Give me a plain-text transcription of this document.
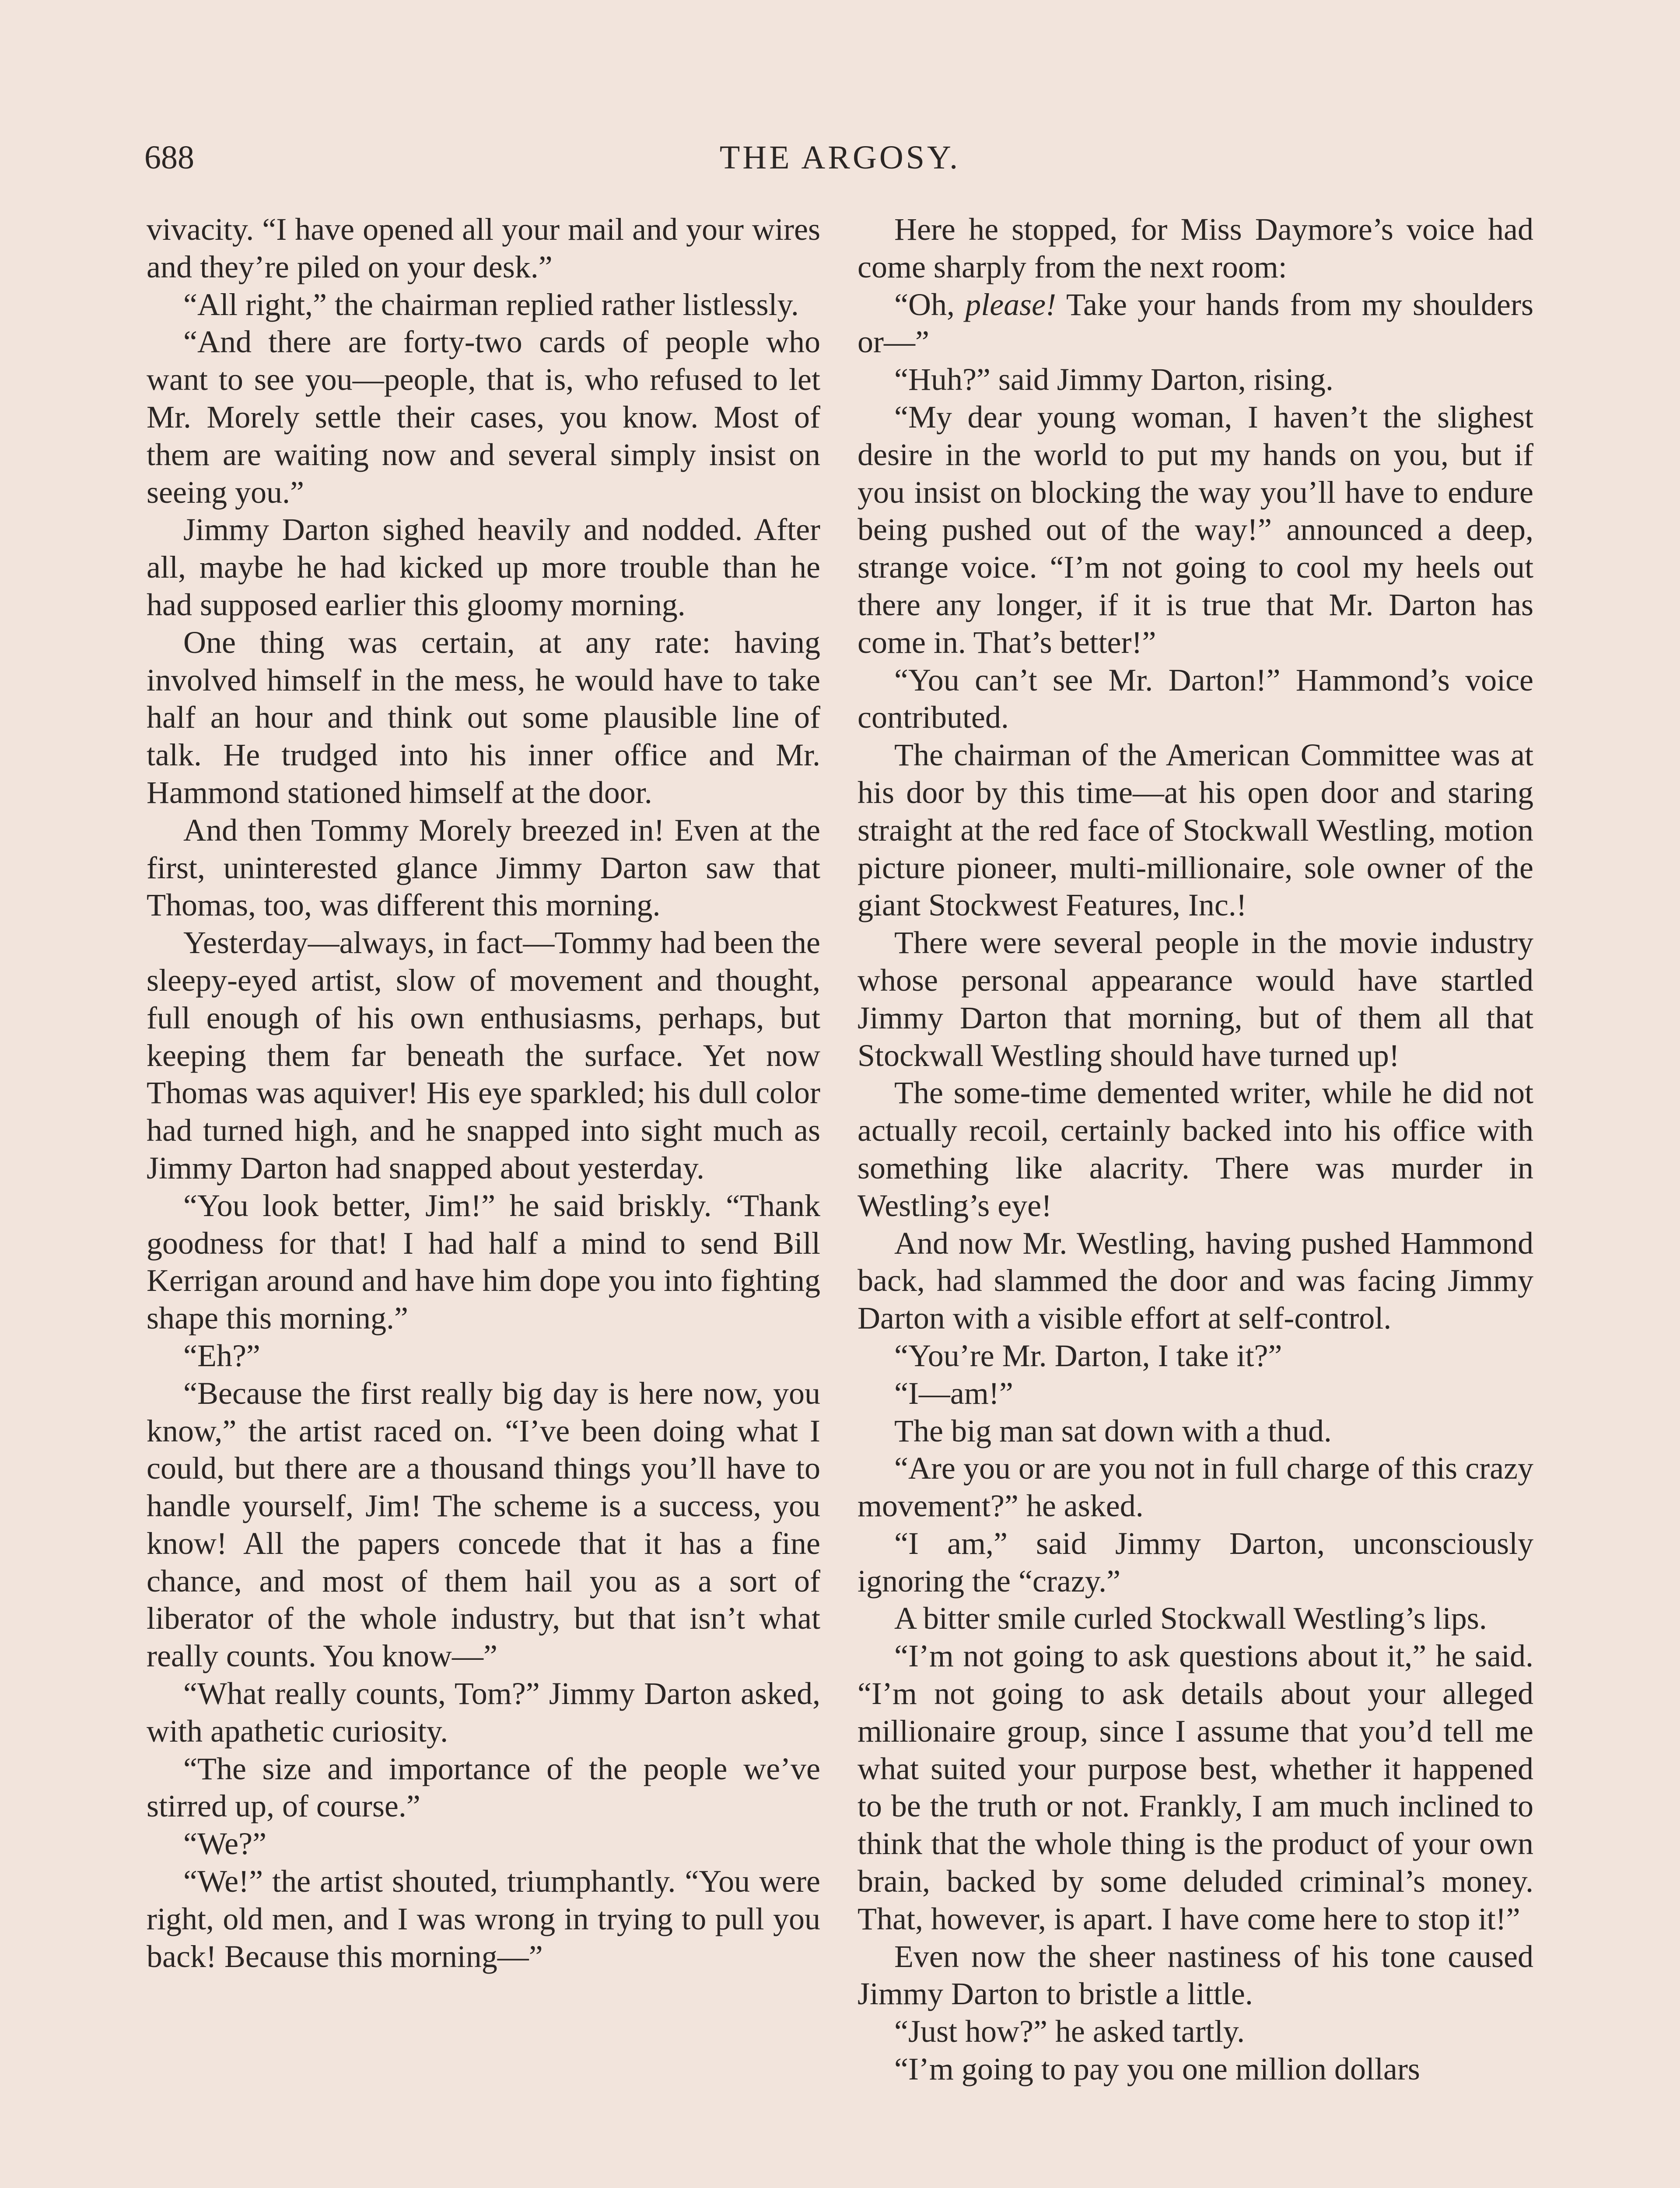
688	THE ARGOSY.

vivacity. “I have opened all your mail and your wires and they’re piled on your desk.”

“All right,” the chairman replied rather listlessly.

“And there are forty-two cards of people who want to see you—people, that is, who refused to let Mr. Morely settle their cases, you know. Most of them are waiting now and several simply insist on seeing you.”

Jimmy Darton sighed heavily and nodded. After all, maybe he had kicked up more trouble than he had supposed earlier this gloomy morning.

One thing was certain, at any rate: having involved himself in the mess, he would have to take half an hour and think out some plausible line of talk. He trudged into his inner office and Mr. Hammond stationed himself at the door.

And then Tommy Morely breezed in! Even at the first, uninterested glance Jimmy Darton saw that Thomas, too, was different this morning.

Yesterday—always, in fact—Tommy had been the sleepy-eyed artist, slow of movement and thought, full enough of his own enthusiasms, perhaps, but keeping them far beneath the surface. Yet now Thomas was aquiver! His eye sparkled; his dull color had turned high, and he snapped into sight much as Jimmy Darton had snapped about yesterday.

“You look better, Jim!” he said briskly. “Thank goodness for that! I had half a mind to send Bill Kerrigan around and have him dope you into fighting shape this morning.”

“Eh?”

“Because the first really big day is here now, you know,” the artist raced on. “I’ve been doing what I could, but there are a thousand things you’ll have to handle yourself, Jim! The scheme is a success, you know! All the papers concede that it has a fine chance, and most of them hail you as a sort of liberator of the whole industry, but that isn’t what really counts. You know—”

“What really counts, Tom?” Jimmy Darton asked, with apathetic curiosity.

“The size and importance of the people we’ve stirred up, of course.”

“We?”

“We!” the artist shouted, triumphantly. “You were right, old men, and I was wrong in trying to pull you back! Because this morning—”

Here he stopped, for Miss Daymore’s voice had come sharply from the next room:

“Oh, please! Take your hands from my shoulders or—”

“Huh?” said Jimmy Darton, rising.

“My dear young woman, I haven’t the slighest desire in the world to put my hands on you, but if you insist on blocking the way you’ll have to endure being pushed out of the way!” announced a deep, strange voice. “I’m not going to cool my heels out there any longer, if it is true that Mr. Darton has come in. That’s better!”

“You can’t see Mr. Darton!” Hammond’s voice contributed.

The chairman of the American Committee was at his door by this time—at his open door and staring straight at the red face of Stockwall Westling, motion picture pioneer, multi-millionaire, sole owner of the giant Stockwest Features, Inc.!

There were several people in the movie industry whose personal appearance would have startled Jimmy Darton that morning, but of them all that Stockwall Westling should have turned up!

The some-time demented writer, while he did not actually recoil, certainly backed into his office with something like alacrity. There was murder in Westling’s eye!

And now Mr. Westling, having pushed Hammond back, had slammed the door and was facing Jimmy Darton with a visible effort at self-control.

“You’re Mr. Darton, I take it?”

“I—am!”

The big man sat down with a thud.

“Are you or are you not in full charge of this crazy movement?” he asked.

“I am,” said Jimmy Darton, unconsciously ignoring the “crazy.”

A bitter smile curled Stockwall Westling’s lips.

“I’m not going to ask questions about it,” he said. “I’m not going to ask details about your alleged millionaire group, since I assume that you’d tell me what suited your purpose best, whether it happened to be the truth or not. Frankly, I am much inclined to think that the whole thing is the product of your own brain, backed by some deluded criminal’s money. That, however, is apart. I have come here to stop it!”

Even now the sheer nastiness of his tone caused Jimmy Darton to bristle a little.

“Just how?” he asked tartly.

“I’m going to pay you one million dollars
